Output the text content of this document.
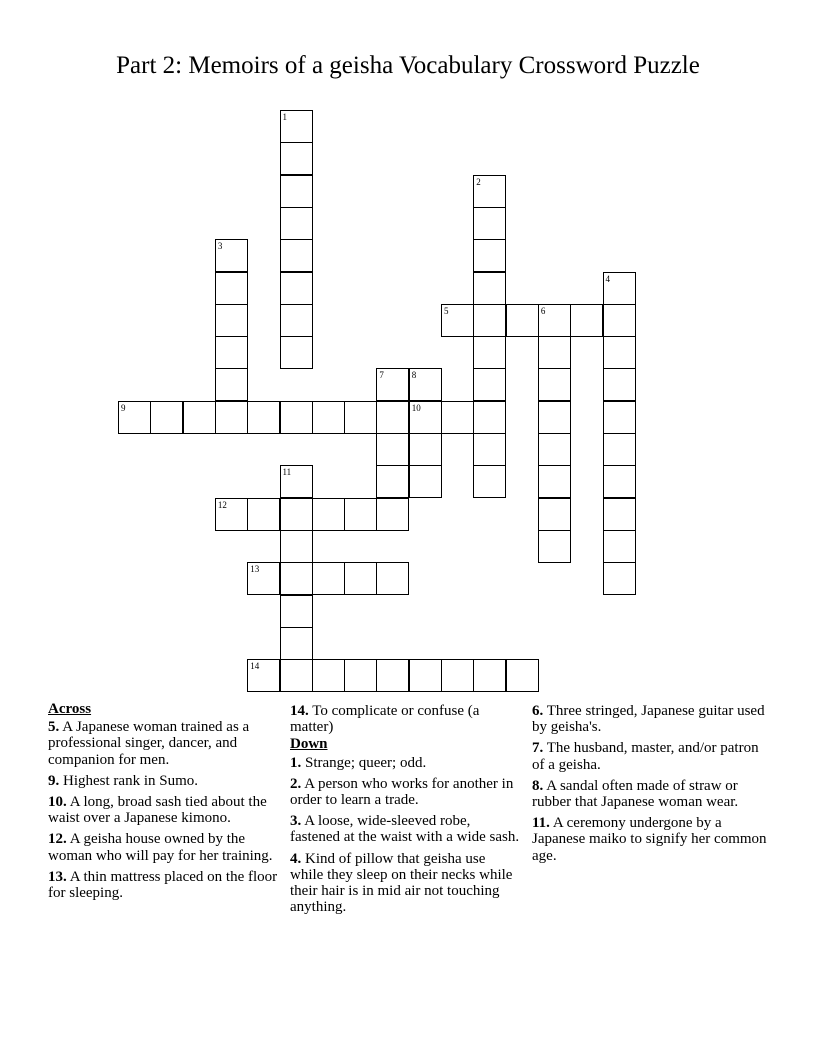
Part 2: Memoirs of a geisha Vocabulary Crossword Puzzle
1
2
3
4
5	6
7	8
10
9
11
12
13
14
Across
5. A Japanese woman trained as a professional singer, dancer, and companion for men.
9. Highest rank in Sumo.
10. A long, broad sash tied about the waist over a Japanese kimono.
12. A geisha house owned by the woman who will pay for her training.
13. A thin mattress placed on the floor for sleeping.
14. To complicate or confuse (a matter)
Down
1. Strange; queer; odd.
2. A person who works for another in order to learn a trade.
3. A loose, wide-sleeved robe, fastened at the waist with a wide sash.
4. Kind of pillow that geisha use while they sleep on their necks while their hair is in mid air not touching anything.
6. Three stringed, Japanese guitar used by geisha's.
7. The husband, master, and/or patron of a geisha.
8. A sandal often made of straw or rubber that Japanese woman wear.
11. A ceremony undergone by a Japanese maiko to signify her common age.
